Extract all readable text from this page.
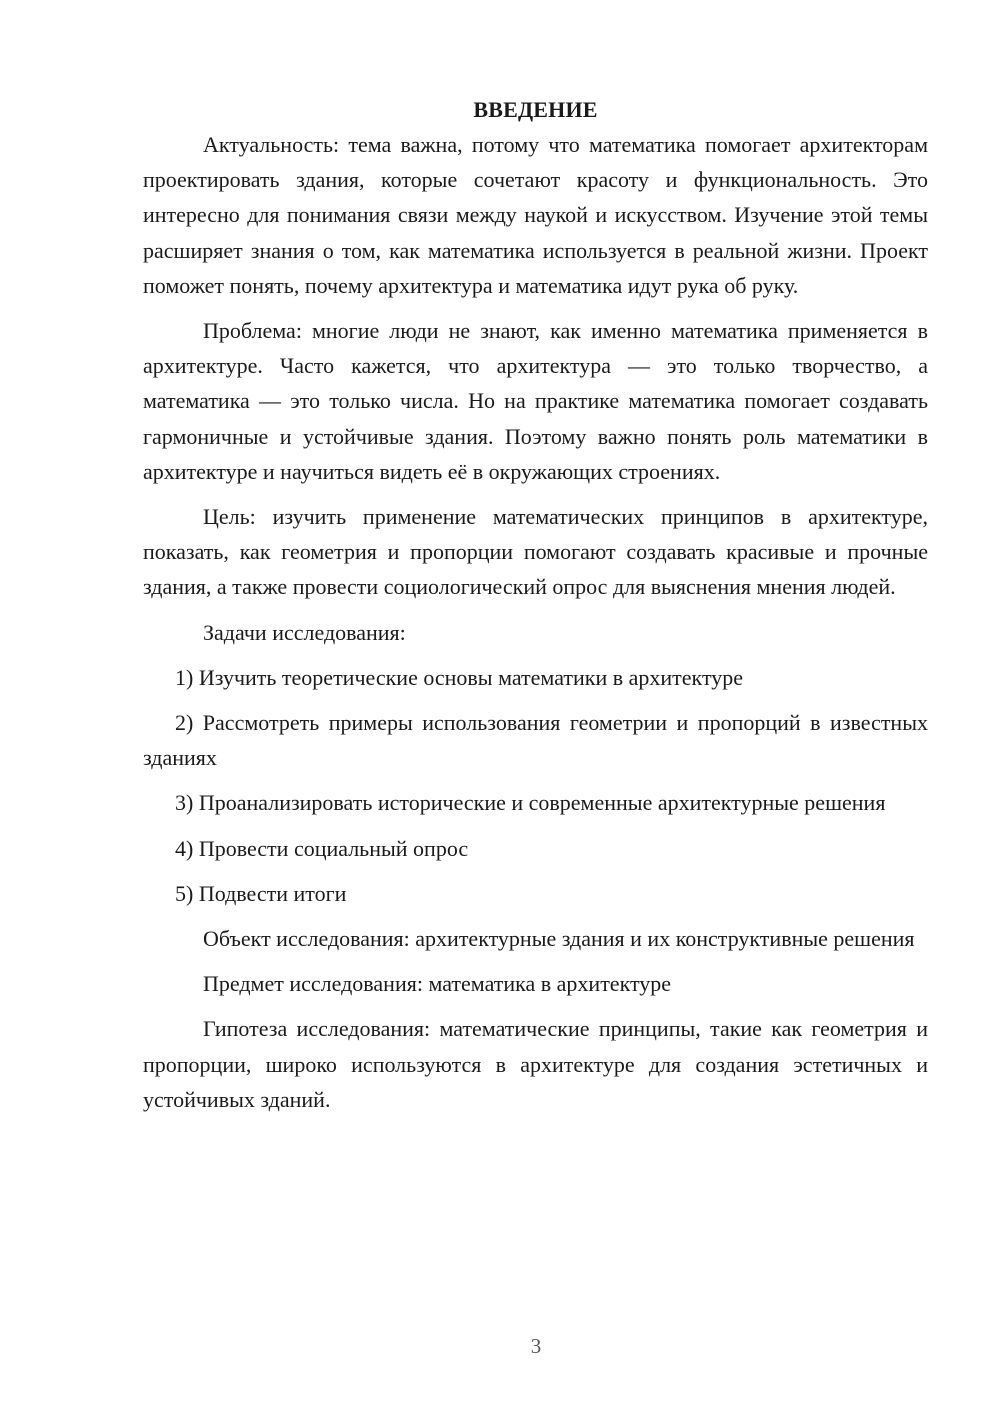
ВВЕДЕНИЕ

Актуальность: тема важна, потому что математика помогает архитекторам проектировать здания, которые сочетают красоту и функциональность. Это интересно для понимания связи между наукой и искусством. Изучение этой темы расширяет знания о том, как математика используется в реальной жизни. Проект поможет понять, почему архитектура и математика идут рука об руку.

Проблема: многие люди не знают, как именно математика применяется в архитектуре. Часто кажется, что архитектура — это только творчество, а математика — это только числа. Но на практике математика помогает создавать гармоничные и устойчивые здания. Поэтому важно понять роль математики в архитектуре и научиться видеть её в окружающих строениях.

Цель: изучить применение математических принципов в архитектуре, показать, как геометрия и пропорции помогают создавать красивые и прочные здания, а также провести социологический опрос для выяснения мнения людей.

Задачи исследования:

1) Изучить теоретические основы математики в архитектуре

2) Рассмотреть примеры использования геометрии и пропорций в известных зданиях

3) Проанализировать исторические и современные архитектурные решения

4) Провести социальный опрос

5) Подвести итоги

Объект исследования: архитектурные здания и их конструктивные решения

Предмет исследования: математика в архитектуре

Гипотеза исследования: математические принципы, такие как геометрия и пропорции, широко используются в архитектуре для создания эстетичных и устойчивых зданий.

3
